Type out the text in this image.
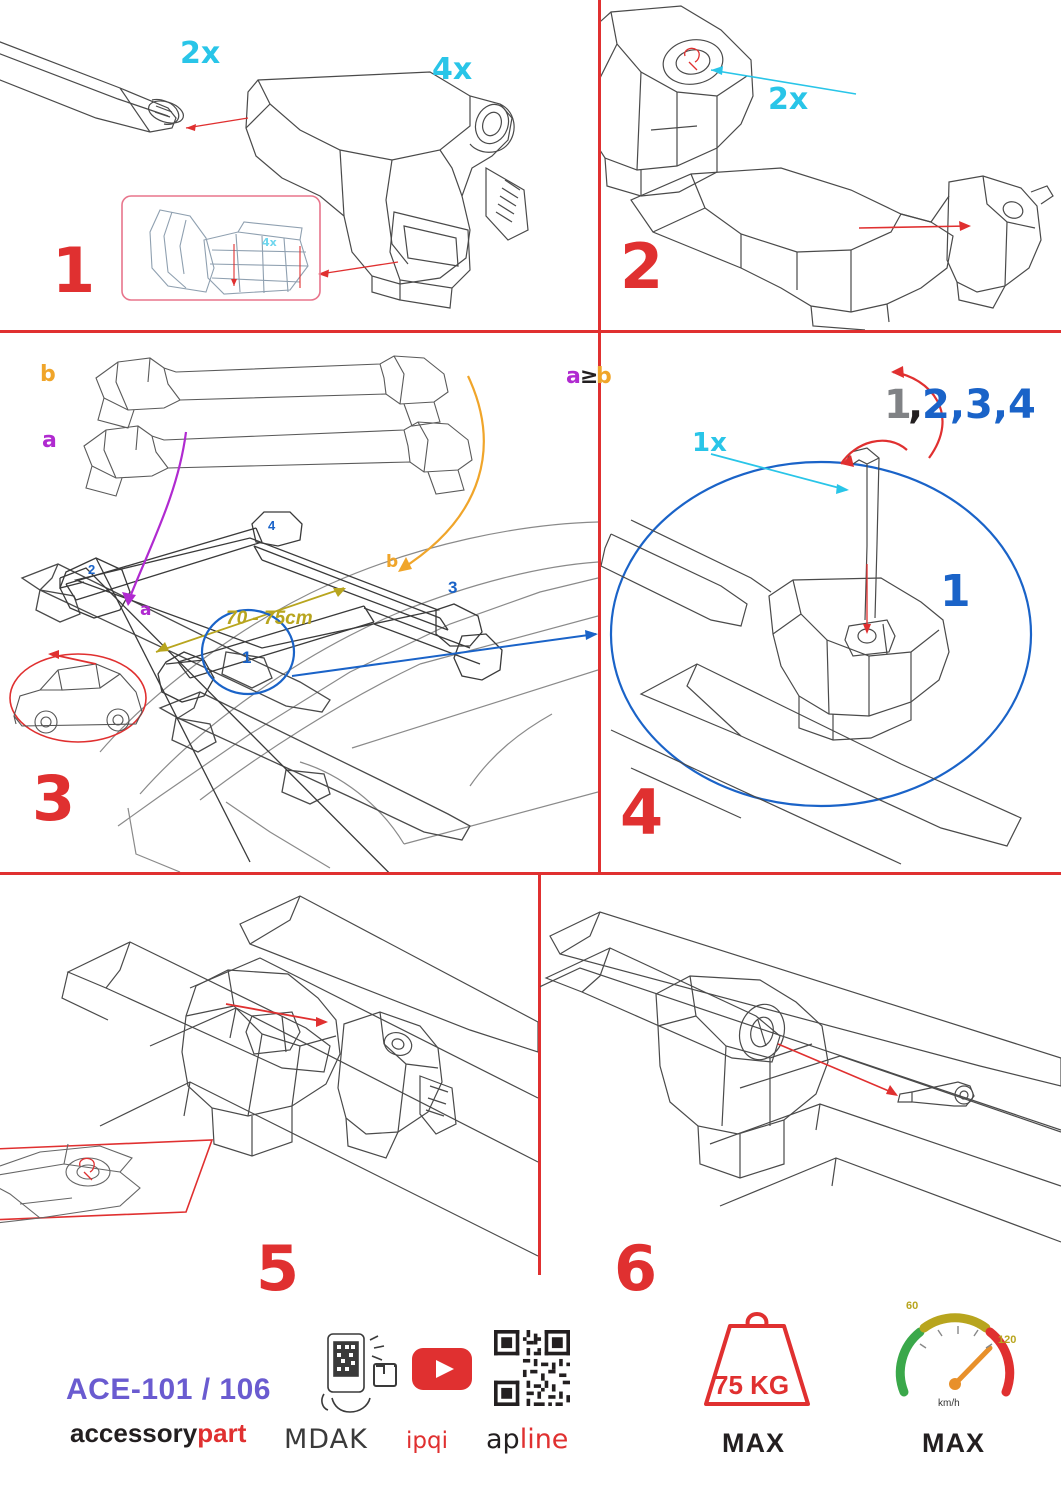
4x
2x	4x
1
2x
2
b
a
a
b
70 - 75cm
1
2
3
4
3
a ≥
b
1x
1
,
2,3,4
1
4
5	6
ACE-101 / 106
accessorypart MDAK ipqi apline
75 KG
MAX
60
120
km/h
MAX
